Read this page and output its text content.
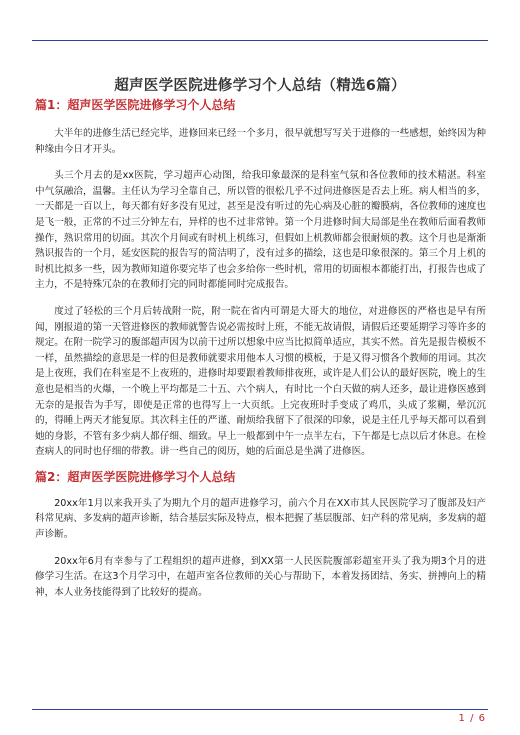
超声医学医院进修学习个人总结（精选6篇）
篇1：超声医学医院进修学习个人总结

大半年的进修生活已经完毕，进修回来已经一个多月，很早就想写写关于进修的一些感想，始终因为种种缘由今日才开头。

头三个月去的是xx医院，学习超声心动图，给我印象最深的是科室气氛和各位教师的技术精湛。科室中气氛融洽，温馨。主任认为学习全靠自己，所以管的很松几乎不过问进修医是否去上班。病人相当的多，一天都是一百以上，每天都有好多没有见过，甚至是没有听过的先心病及心脏的瓣膜病，各位教师的速度也是飞一般，正常的不过三分钟左右，异样的也不过非常钟。第一个月进修时间大局部是坐在教师后面看教师操作，熟识常用的切面。其次个月间或有时机上机练习，但假如上机教师都会很耐烦的教。这个月也是渐渐熟识报告的一个月，延安医院的报告写的简洁明了，没有过多的描绘，这也是印象很深的。第三个月上机的时机比拟多一些，因为教师知道你要完毕了也会多给你一些时机，常用的切面根本都能打出，打报告也成了主力，不是特殊冗杂的在教师打完的同时都能同时完成报告。

度过了轻松的三个月后转战附一院，附一院在省内可谓是大哥大的地位，对进修医的严格也是早有所闻，刚报道的第一天管进修医的教师就警告说必需按时上班，不能无故请假，请假后还要延期学习等许多的规定。在附一院学习的腹部超声因为以前干过所以想象中应当比拟简单适应，其实不然。首先是报告模板不一样，虽然描绘的意思是一样的但是教师就要求用他本人习惯的模板，于是又得习惯各个教师的用词。其次是上夜班，我们在科室是不上夜班的，进修时却要跟着教师排夜班，或许是人们公认的最好医院，晚上的生意也是相当的火爆，一个晚上平均都是二十五、六个病人，有时比一个白天做的病人还多，最让进修医感到无奈的是报告为手写，即使是正常的也得写上一大页纸。上完夜班时手变成了鸡爪，头成了浆糊，晕沉沉的，得睡上两天才能复原。其次科主任的严谨、耐烦给我留下了很深的印象，说是主任几乎每天都可以看到她的身影，不管有多少病人都仔细、细致。早上一般都到中午一点半左右，下午都是七点以后才休息。在检查病人的同时也仔细的带教。讲一些自己的阅历，她的后面总是坐满了进修医。

篇2：超声医学医院进修学习个人总结

20xx年1月以来我开头了为期九个月的超声进修学习，前六个月在XX市其人民医院学习了腹部及妇产科常见病、多发病的超声诊断，结合基层实际及特点，根本把握了基层腹部、妇产科的常见病，多发病的超声诊断。

20xx年6月有幸参与了工程组织的超声进修，到XX第一人民医院腹部彩超室开头了我为期3个月的进修学习生活。在这3个月学习中，在超声室各位教师的关心与帮助下，本着发扬团结、务实、拼搏向上的精神，本人业务技能得到了比较好的提高。

1 / 6
